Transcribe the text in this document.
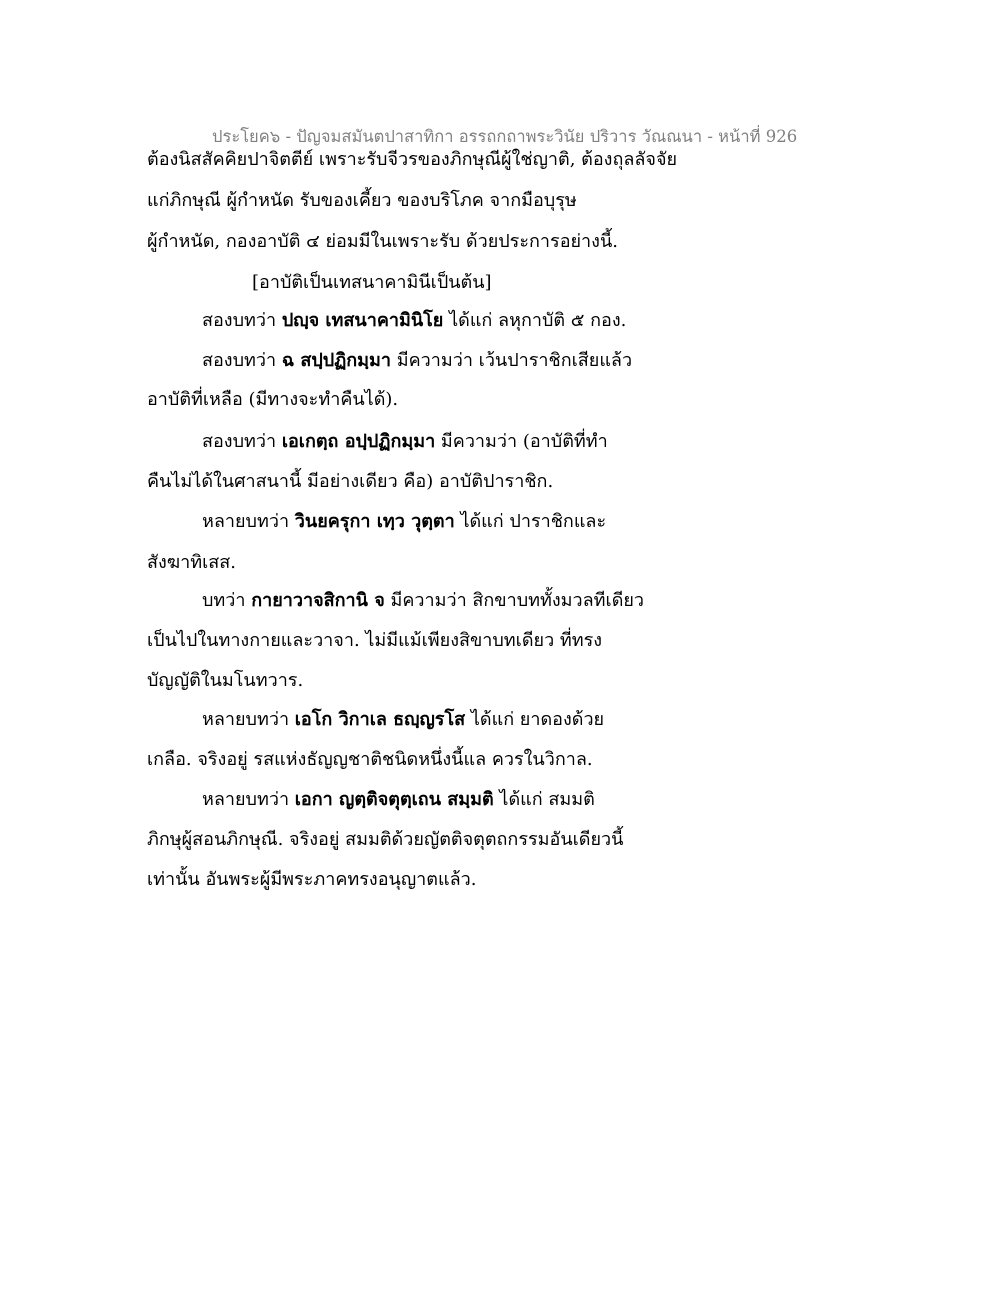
ประโยค๖ - ปัญจมสมันตปาสาทิกา อรรถกถาพระวินัย ปริวาร วัณณนา - หน้าที่ 926
ต้องนิสสัคคิยปาจิตตีย์ เพราะรับจีวรของภิกษุณีผู้ใช่ญาติ, ต้องถุลลัจจัย
แก่ภิกษุณี ผู้กำหนัด รับของเคี้ยว ของบริโภค จากมือบุรุษ
ผู้กำหนัด, กองอาบัติ ๔ ย่อมมีในเพราะรับ ด้วยประการอย่างนี้.
[อาบัติเป็นเทสนาคามินีเป็นต้น]
สองบทว่า ปญฺจ เทสนาคามินิโย ได้แก่ ลหุกาบัติ ๕ กอง.
สองบทว่า ฉ สปฺปฏิกมฺมา มีความว่า เว้นปาราชิกเสียแล้ว
อาบัติที่เหลือ (มีทางจะทำคืนได้).
สองบทว่า เอเกตฺถ อปฺปฏิกมฺมา มีความว่า (อาบัติที่ทำ
คืนไม่ได้ในศาสนานี้ มีอย่างเดียว คือ) อาบัติปาราชิก.
หลายบทว่า วินยครุกา เทฺว วุตฺตา ได้แก่ ปาราชิกและ
สังฆาทิเสส.
บทว่า กายาวาจสิกานิ จ มีความว่า สิกขาบททั้งมวลทีเดียว
เป็นไปในทางกายและวาจา. ไม่มีแม้เพียงสิขาบทเดียว ที่ทรง
บัญญัติในมโนทวาร.
หลายบทว่า เอโก วิกาเล ธญฺญรโส ได้แก่ ยาดองด้วย
เกลือ. จริงอยู่ รสแห่งธัญญชาติชนิดหนึ่งนี้แล ควรในวิกาล.
หลายบทว่า เอกา ญตฺติจตุตฺเถน สมฺมติ ได้แก่ สมมติ
ภิกษุผู้สอนภิกษุณี. จริงอยู่ สมมติด้วยญัตติจตุตถกรรมอันเดียวนี้
เท่านั้น อันพระผู้มีพระภาคทรงอนุญาตแล้ว.
